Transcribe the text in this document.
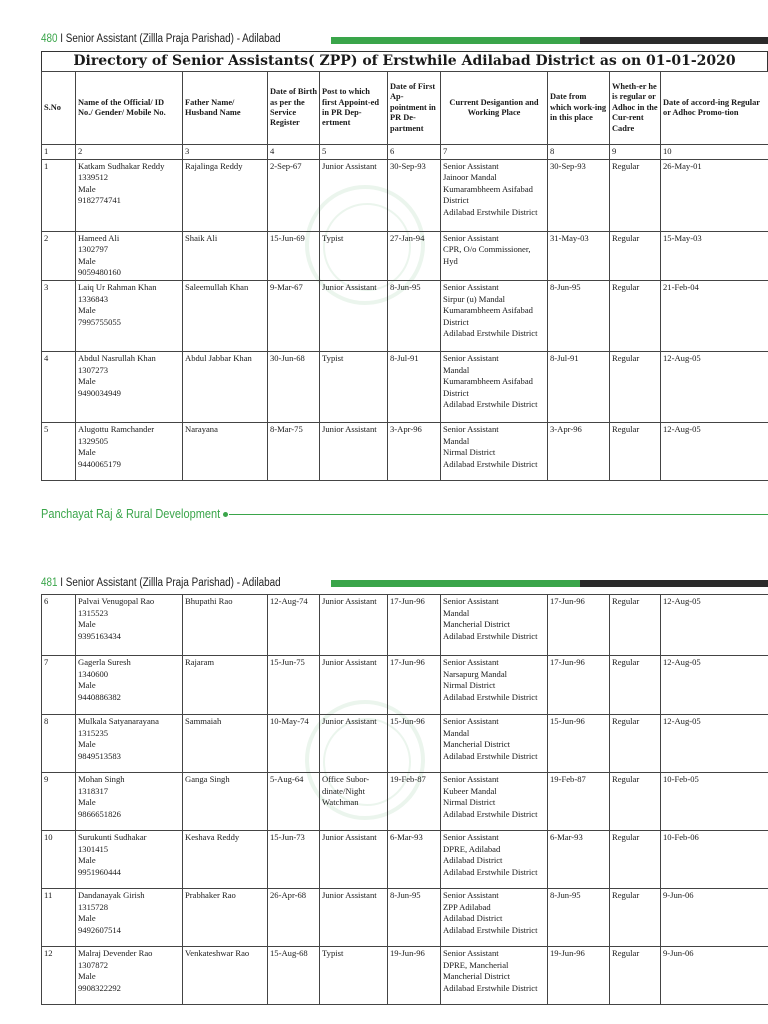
480 I Senior Assistant (Zillla Praja Parishad) - Adilabad
Directory of Senior Assistants( ZPP) of Erstwhile Adilabad District as on 01-01-2020
S.No	Name of the Official/ ID No./ Gender/ Mobile No.	Father Name/ Husband Name	Date of Birth as per the Service Register	Post to which first Appoint-ed in PR Dep-ertment	Date of First Ap-pointment in PR De-partment	Current Desigantion and Working Place	Date from which work-ing in this place	Wheth-er he is regular or Adhoc in the Cur-rent Cadre	Date of accord-ing Regular or Adhoc Promo-tion
1	2	3	4	5	6	7	8	9	10
1	Katkam Sudhakar Reddy
1339512
Male
9182774741	Rajalinga Reddy	2-Sep-67	Junior Assistant	30-Sep-93	Senior Assistant
Jainoor Mandal
Kumarambheem Asifabad District
Adilabad Erstwhile District	30-Sep-93	Regular	26-May-01
2	Hameed Ali
1302797
Male
9059480160	Shaik Ali	15-Jun-69	Typist	27-Jan-94	Senior Assistant
CPR, O/o Commissioner, Hyd	31-May-03	Regular	15-May-03
3	Laiq Ur Rahman Khan
1336843
Male
7995755055	Saleemullah Khan	9-Mar-67	Junior Assistant	8-Jun-95	Senior Assistant
Sirpur (u) Mandal
Kumarambheem Asifabad District
Adilabad Erstwhile District	8-Jun-95	Regular	21-Feb-04
4	Abdul Nasrullah Khan
1307273
Male
9490034949	Abdul Jabbar Khan	30-Jun-68	Typist	8-Jul-91	Senior Assistant
Mandal
Kumarambheem Asifabad District
Adilabad Erstwhile District	8-Jul-91	Regular	12-Aug-05
5	Alugottu Ramchander
1329505
Male
9440065179	Narayana	8-Mar-75	Junior Assistant	3-Apr-96	Senior Assistant
Mandal
Nirmal District
Adilabad Erstwhile District	3-Apr-96	Regular	12-Aug-05
Panchayat Raj & Rural Development
481 I Senior Assistant (Zillla Praja Parishad) - Adilabad
6	Palvai Venugopal Rao
1315523
Male
9395163434	Bhupathi Rao	12-Aug-74	Junior Assistant	17-Jun-96	Senior Assistant
Mandal
Mancherial District
Adilabad Erstwhile District	17-Jun-96	Regular	12-Aug-05
7	Gagerla Suresh
1340600
Male
9440886382	Rajaram	15-Jun-75	Junior Assistant	17-Jun-96	Senior Assistant
Narsapurg Mandal
Nirmal District
Adilabad Erstwhile District	17-Jun-96	Regular	12-Aug-05
8	Mulkala Satyanarayana
1315235
Male
9849513583	Sammaiah	10-May-74	Junior Assistant	15-Jun-96	Senior Assistant
Mandal
Mancherial District
Adilabad Erstwhile District	15-Jun-96	Regular	12-Aug-05
9	Mohan Singh
1318317
Male
9866651826	Ganga Singh	5-Aug-64	Office Subor-dinate/Night Watchman	19-Feb-87	Senior Assistant
Kubeer Mandal
Nirmal District
Adilabad Erstwhile District	19-Feb-87	Regular	10-Feb-05
10	Surukunti Sudhakar
1301415
Male
9951960444	Keshava Reddy	15-Jun-73	Junior Assistant	6-Mar-93	Senior Assistant
DPRE, Adilabad
Adilabad District
Adilabad Erstwhile District	6-Mar-93	Regular	10-Feb-06
11	Dandanayak Girish
1315728
Male
9492607514	Prabhaker Rao	26-Apr-68	Junior Assistant	8-Jun-95	Senior Assistant
ZPP Adilabad
Adilabad District
Adilabad Erstwhile District	8-Jun-95	Regular	9-Jun-06
12	Malraj Devender Rao
1307872
Male
9908322292	Venkateshwar Rao	15-Aug-68	Typist	19-Jun-96	Senior Assistant
DPRE, Mancherial
Mancherial District
Adilabad Erstwhile District	19-Jun-96	Regular	9-Jun-06
